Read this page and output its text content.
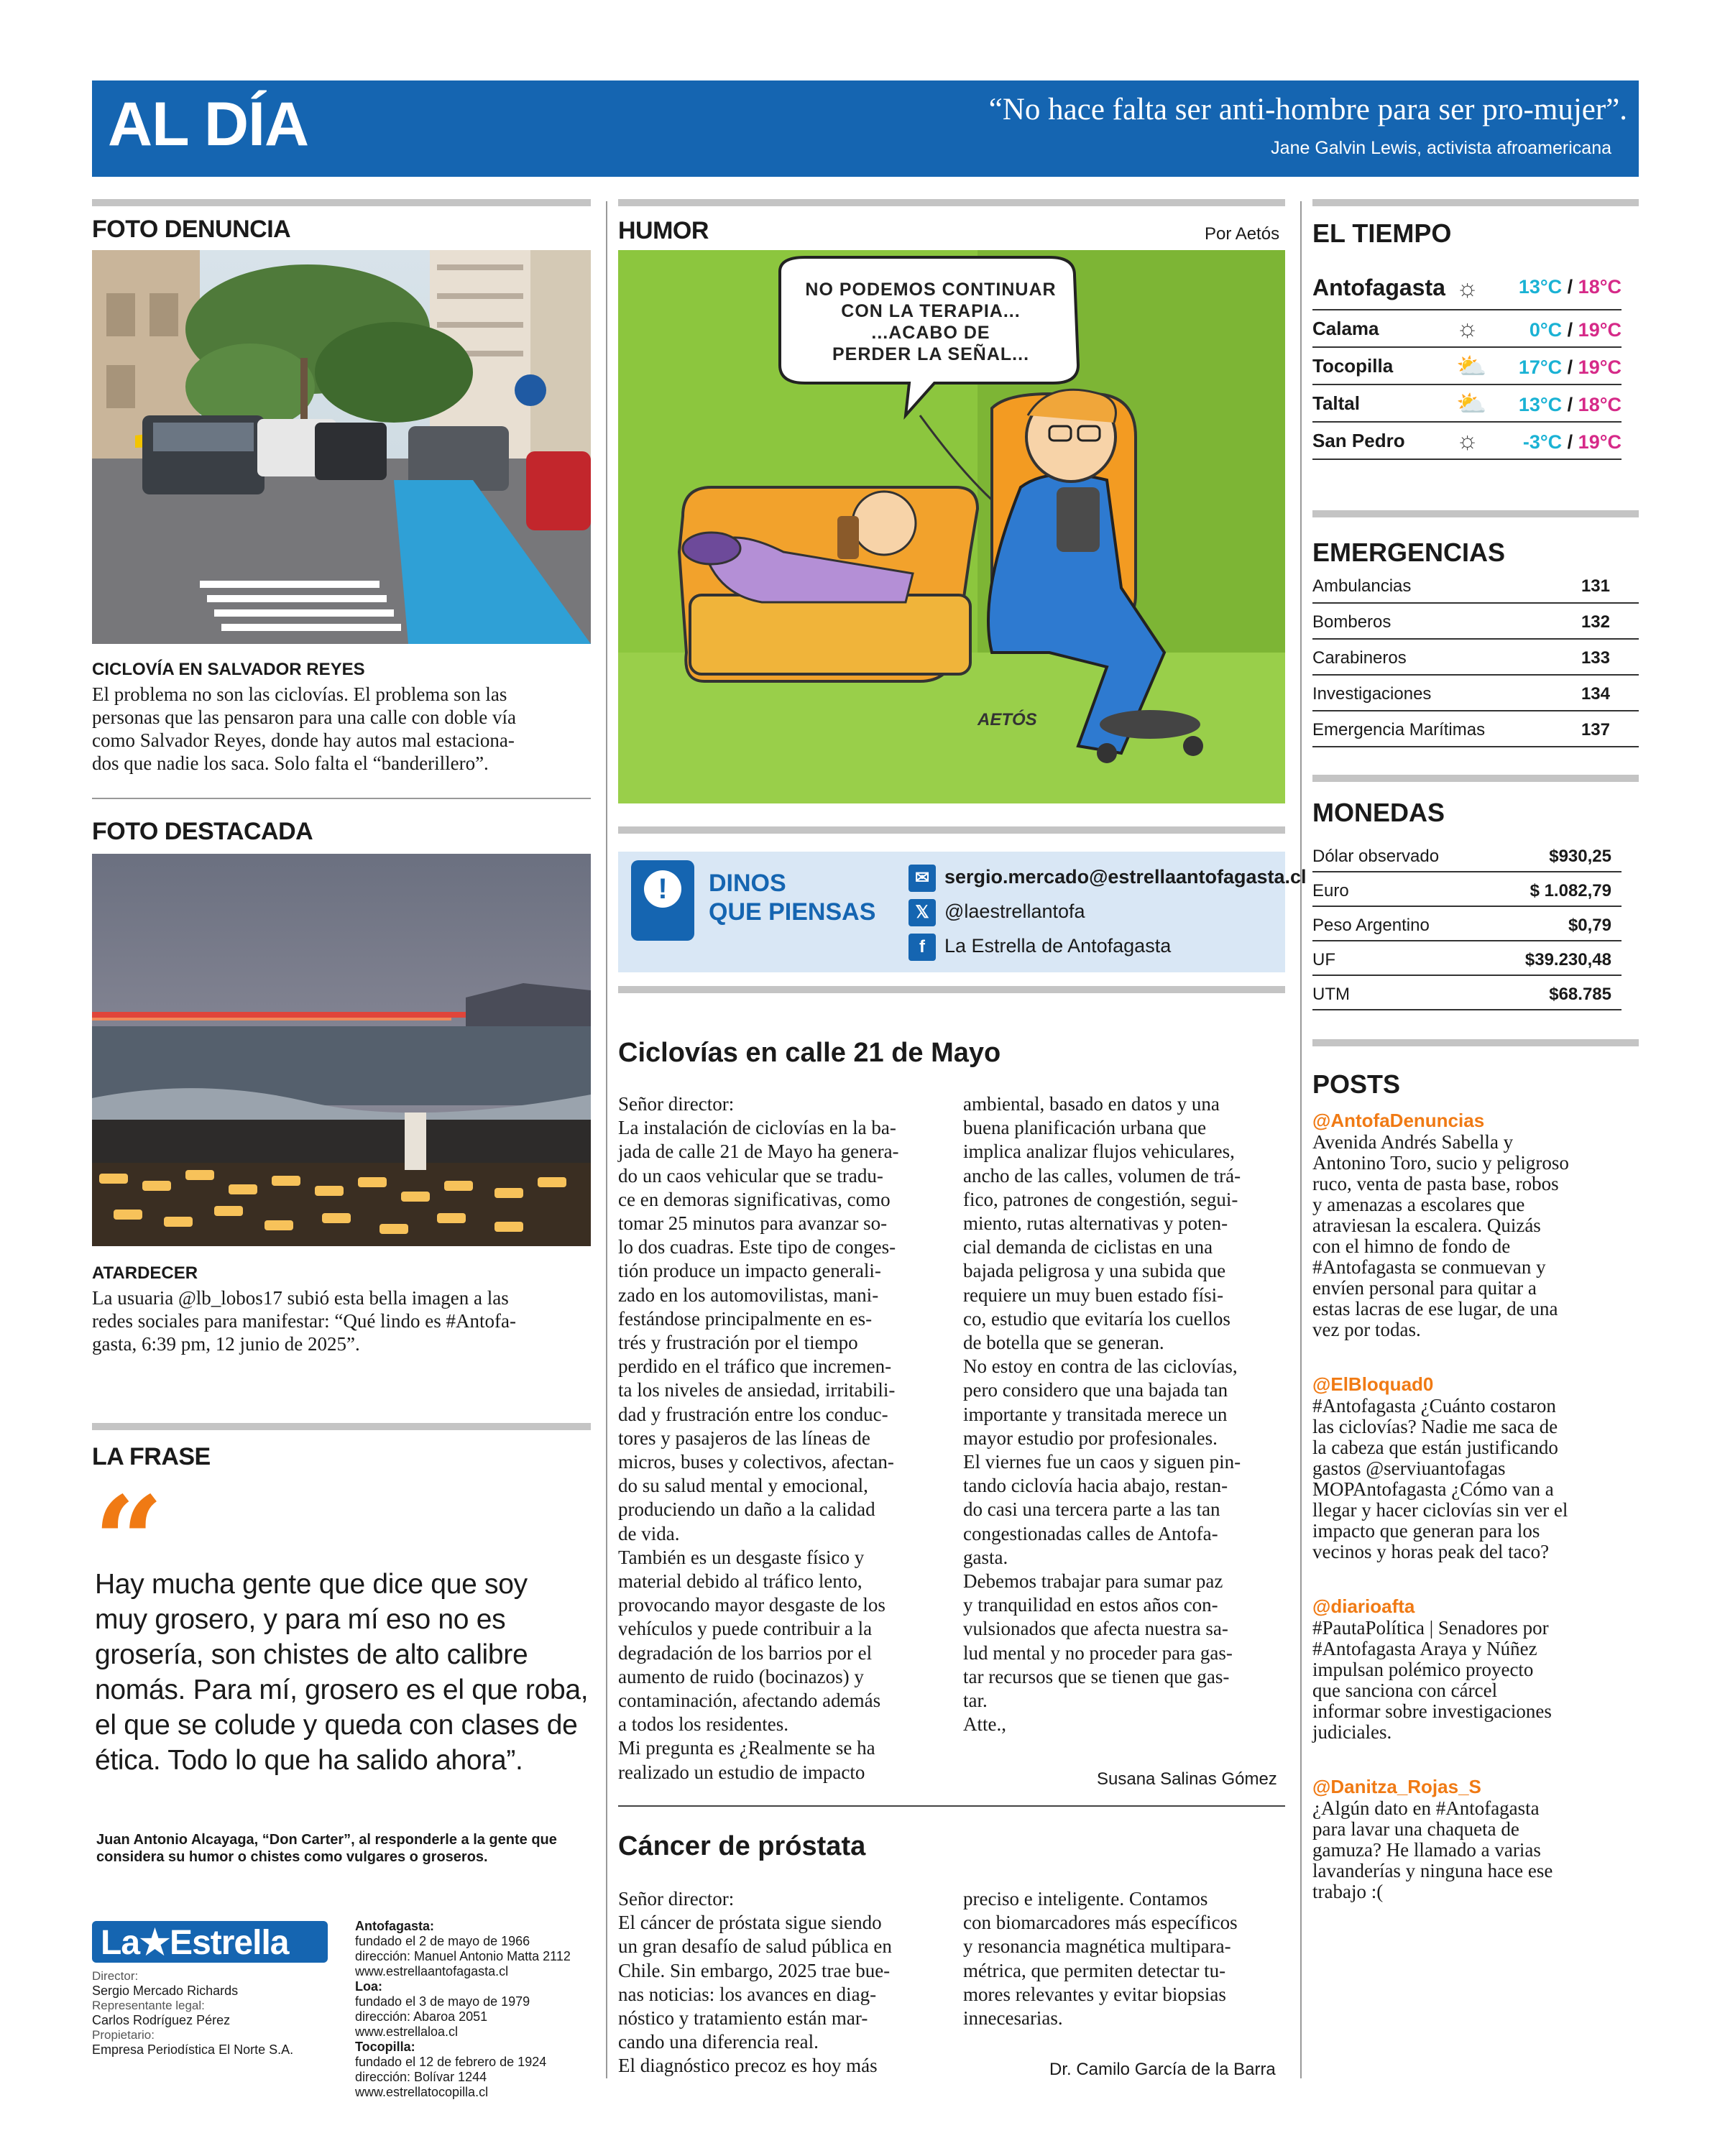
AL DÍA	“No hace falta ser anti-hombre para ser pro-mujer”.
Jane Galvin Lewis, activista afroamericana
FOTO DENUNCIA
CICLOVÍA EN SALVADOR REYES
El problema no son las ciclovías. El problema son las
personas que las pensaron para una calle con doble vía
como Salvador Reyes, donde hay autos mal estaciona-
dos que nadie los saca. Solo falta el “banderillero”.
FOTO DESTACADA
ATARDECER
La usuaria @lb_lobos17 subió esta bella imagen a las
redes sociales para manifestar: “Qué lindo es #Antofa-
gasta, 6:39 pm, 12 junio de 2025”.
LA FRASE
“
Hay mucha gente que dice que soy
muy grosero, y para mí eso no es
grosería, son chistes de alto calibre
nomás. Para mí, grosero es el que roba,
el que se colude y queda con clases de
ética. Todo lo que ha salido ahora”.
Juan Antonio Alcayaga, “Don Carter”, al responderle a la gente que
considera su humor o chistes como vulgares o groseros.
La★Estrella
Director:
Sergio Mercado Richards
Representante legal:
Carlos Rodríguez Pérez
Propietario:
Empresa Periodística El Norte S.A.
Antofagasta:
fundado el 2 de mayo de 1966
dirección: Manuel Antonio Matta 2112
www.estrellaantofagasta.cl
Loa:
fundado el 3 de mayo de 1979
dirección: Abaroa 2051
www.estrellaloa.cl
Tocopilla:
fundado el 12 de febrero de 1924
dirección: Bolívar 1244
www.estrellatocopilla.cl
HUMOR	Por Aetós
NO PODEMOS CONTINUAR
CON LA TERAPIA...
...ACABO DE
PERDER LA SEÑAL...
AETÓS
!	DINOS
QUE PIENSAS
✉ sergio.mercado@estrellaantofagasta.cl
𝕏 @laestrellantofa
f	La Estrella de Antofagasta
Ciclovías en calle 21 de Mayo
Señor director:
La instalación de ciclovías en la ba-
jada de calle 21 de Mayo ha genera-
do un caos vehicular que se tradu-
ce en demoras significativas, como
tomar 25 minutos para avanzar so-
lo dos cuadras. Este tipo de conges-
tión produce un impacto generali-
zado en los automovilistas, mani-
festándose principalmente en es-
trés y frustración por el tiempo
perdido en el tráfico que incremen-
ta los niveles de ansiedad, irritabili-
dad y frustración entre los conduc-
tores y pasajeros de las líneas de
micros, buses y colectivos, afectan-
do su salud mental y emocional,
produciendo un daño a la calidad
de vida.
También es un desgaste físico y
material debido al tráfico lento,
provocando mayor desgaste de los
vehículos y puede contribuir a la
degradación de los barrios por el
aumento de ruido (bocinazos) y
contaminación, afectando además
a todos los residentes.
Mi pregunta es ¿Realmente se ha
realizado un estudio de impacto
ambiental, basado en datos y una
buena planificación urbana que
implica analizar flujos vehiculares,
ancho de las calles, volumen de trá-
fico, patrones de congestión, segui-
miento, rutas alternativas y poten-
cial demanda de ciclistas en una
bajada peligrosa y una subida que
requiere un muy buen estado físi-
co, estudio que evitaría los cuellos
de botella que se generan.
No estoy en contra de las ciclovías,
pero considero que una bajada tan
importante y transitada merece un
mayor estudio por profesionales.
El viernes fue un caos y siguen pin-
tando ciclovía hacia abajo, restan-
do casi una tercera parte a las tan
congestionadas calles de Antofa-
gasta.
Debemos trabajar para sumar paz
y tranquilidad en estos años con-
vulsionados que afecta nuestra sa-
lud mental y no proceder para gas-
tar recursos que se tienen que gas-
tar.
Atte.,
Susana Salinas Gómez
Cáncer de próstata
Señor director:
El cáncer de próstata sigue siendo
un gran desafío de salud pública en
Chile. Sin embargo, 2025 trae bue-
nas noticias: los avances en diag-
nóstico y tratamiento están mar-
cando una diferencia real.
El diagnóstico precoz es hoy más
preciso e inteligente. Contamos
con biomarcadores más específicos
y resonancia magnética multipara-
métrica, que permiten detectar tu-
mores relevantes y evitar biopsias
innecesarias.
Dr. Camilo García de la Barra
EL TIEMPO
Antofagasta ☼ 13°C / 18°C
Calama	☼	0°C / 19°C
Tocopilla	⛅ 17°C / 19°C
Taltal	⛅ 13°C / 18°C
San Pedro ☼ -3°C / 19°C
EMERGENCIAS
Ambulancias	131
Bomberos	132
Carabineros	133
Investigaciones	134
Emergencia Marítimas	137
MONEDAS
Dólar observado	$930,25
Euro	$ 1.082,79
Peso Argentino	$0,79
UF	$39.230,48
UTM	$68.785
POSTS
@AntofaDenuncias
Avenida Andrés Sabella y
Antonino Toro, sucio y peligroso
ruco, venta de pasta base, robos
y amenazas a escolares que
atraviesan la escalera. Quizás
con el himno de fondo de
#Antofagasta se conmuevan y
envíen personal para quitar a
estas lacras de ese lugar, de una
vez por todas.
@ElBloquad0
#Antofagasta ¿Cuánto costaron
las ciclovías? Nadie me saca de
la cabeza que están justificando
gastos @serviuantofagas
MOPAntofagasta ¿Cómo van a
llegar y hacer ciclovías sin ver el
impacto que generan para los
vecinos y horas peak del taco?
@diarioafta
#PautaPolítica | Senadores por
#Antofagasta Araya y Núñez
impulsan polémico proyecto
que sanciona con cárcel
informar sobre investigaciones
judiciales.
@Danitza_Rojas_S
¿Algún dato en #Antofagasta
para lavar una chaqueta de
gamuza? He llamado a varias
lavanderías y ninguna hace ese
trabajo :(
